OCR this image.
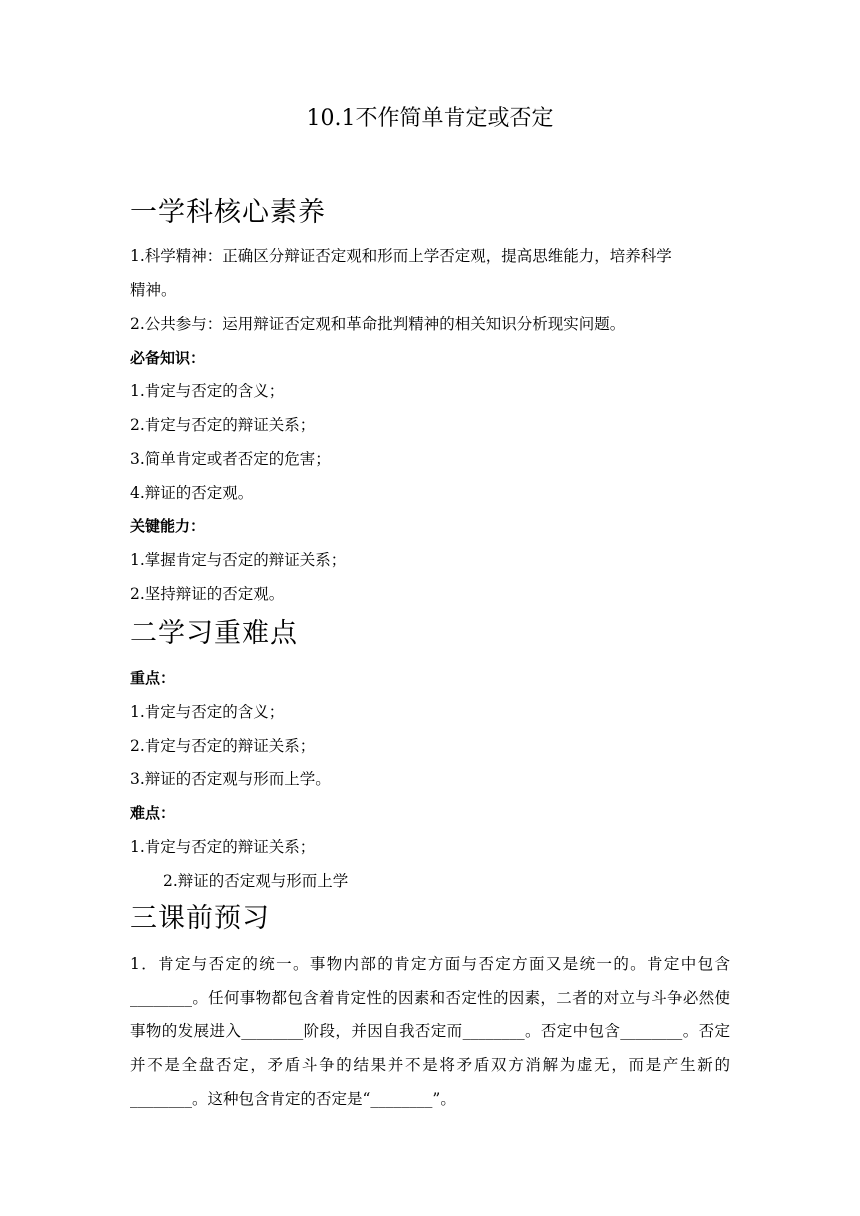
10.1不作简单肯定或否定
一学科核心素养
1.科学精神：正确区分辩证否定观和形而上学否定观，提高思维能力，培养科学
精神。
2.公共参与：运用辩证否定观和革命批判精神的相关知识分析现实问题。
必备知识：
1.肯定与否定的含义；
2.肯定与否定的辩证关系；
3.简单肯定或者否定的危害；
4.辩证的否定观。
关键能力：
1.掌握肯定与否定的辩证关系；
2.坚持辩证的否定观。
二学习重难点
重点：
1.肯定与否定的含义；
2.肯定与否定的辩证关系；
3.辩证的否定观与形而上学。
难点：
1.肯定与否定的辩证关系；
2.辩证的否定观与形而上学
三课前预习
1．肯定与否定的统一。事物内部的肯定方面与否定方面又是统一的。肯定中包含________。任何事物都包含着肯定性的因素和否定性的因素，二者的对立与斗争必然使事物的发展进入________阶段，并因自我否定而________。否定中包含________。否定并不是全盘否定，矛盾斗争的结果并不是将矛盾双方消解为虚无，而是产生新的________。这种包含肯定的否定是“________”。
